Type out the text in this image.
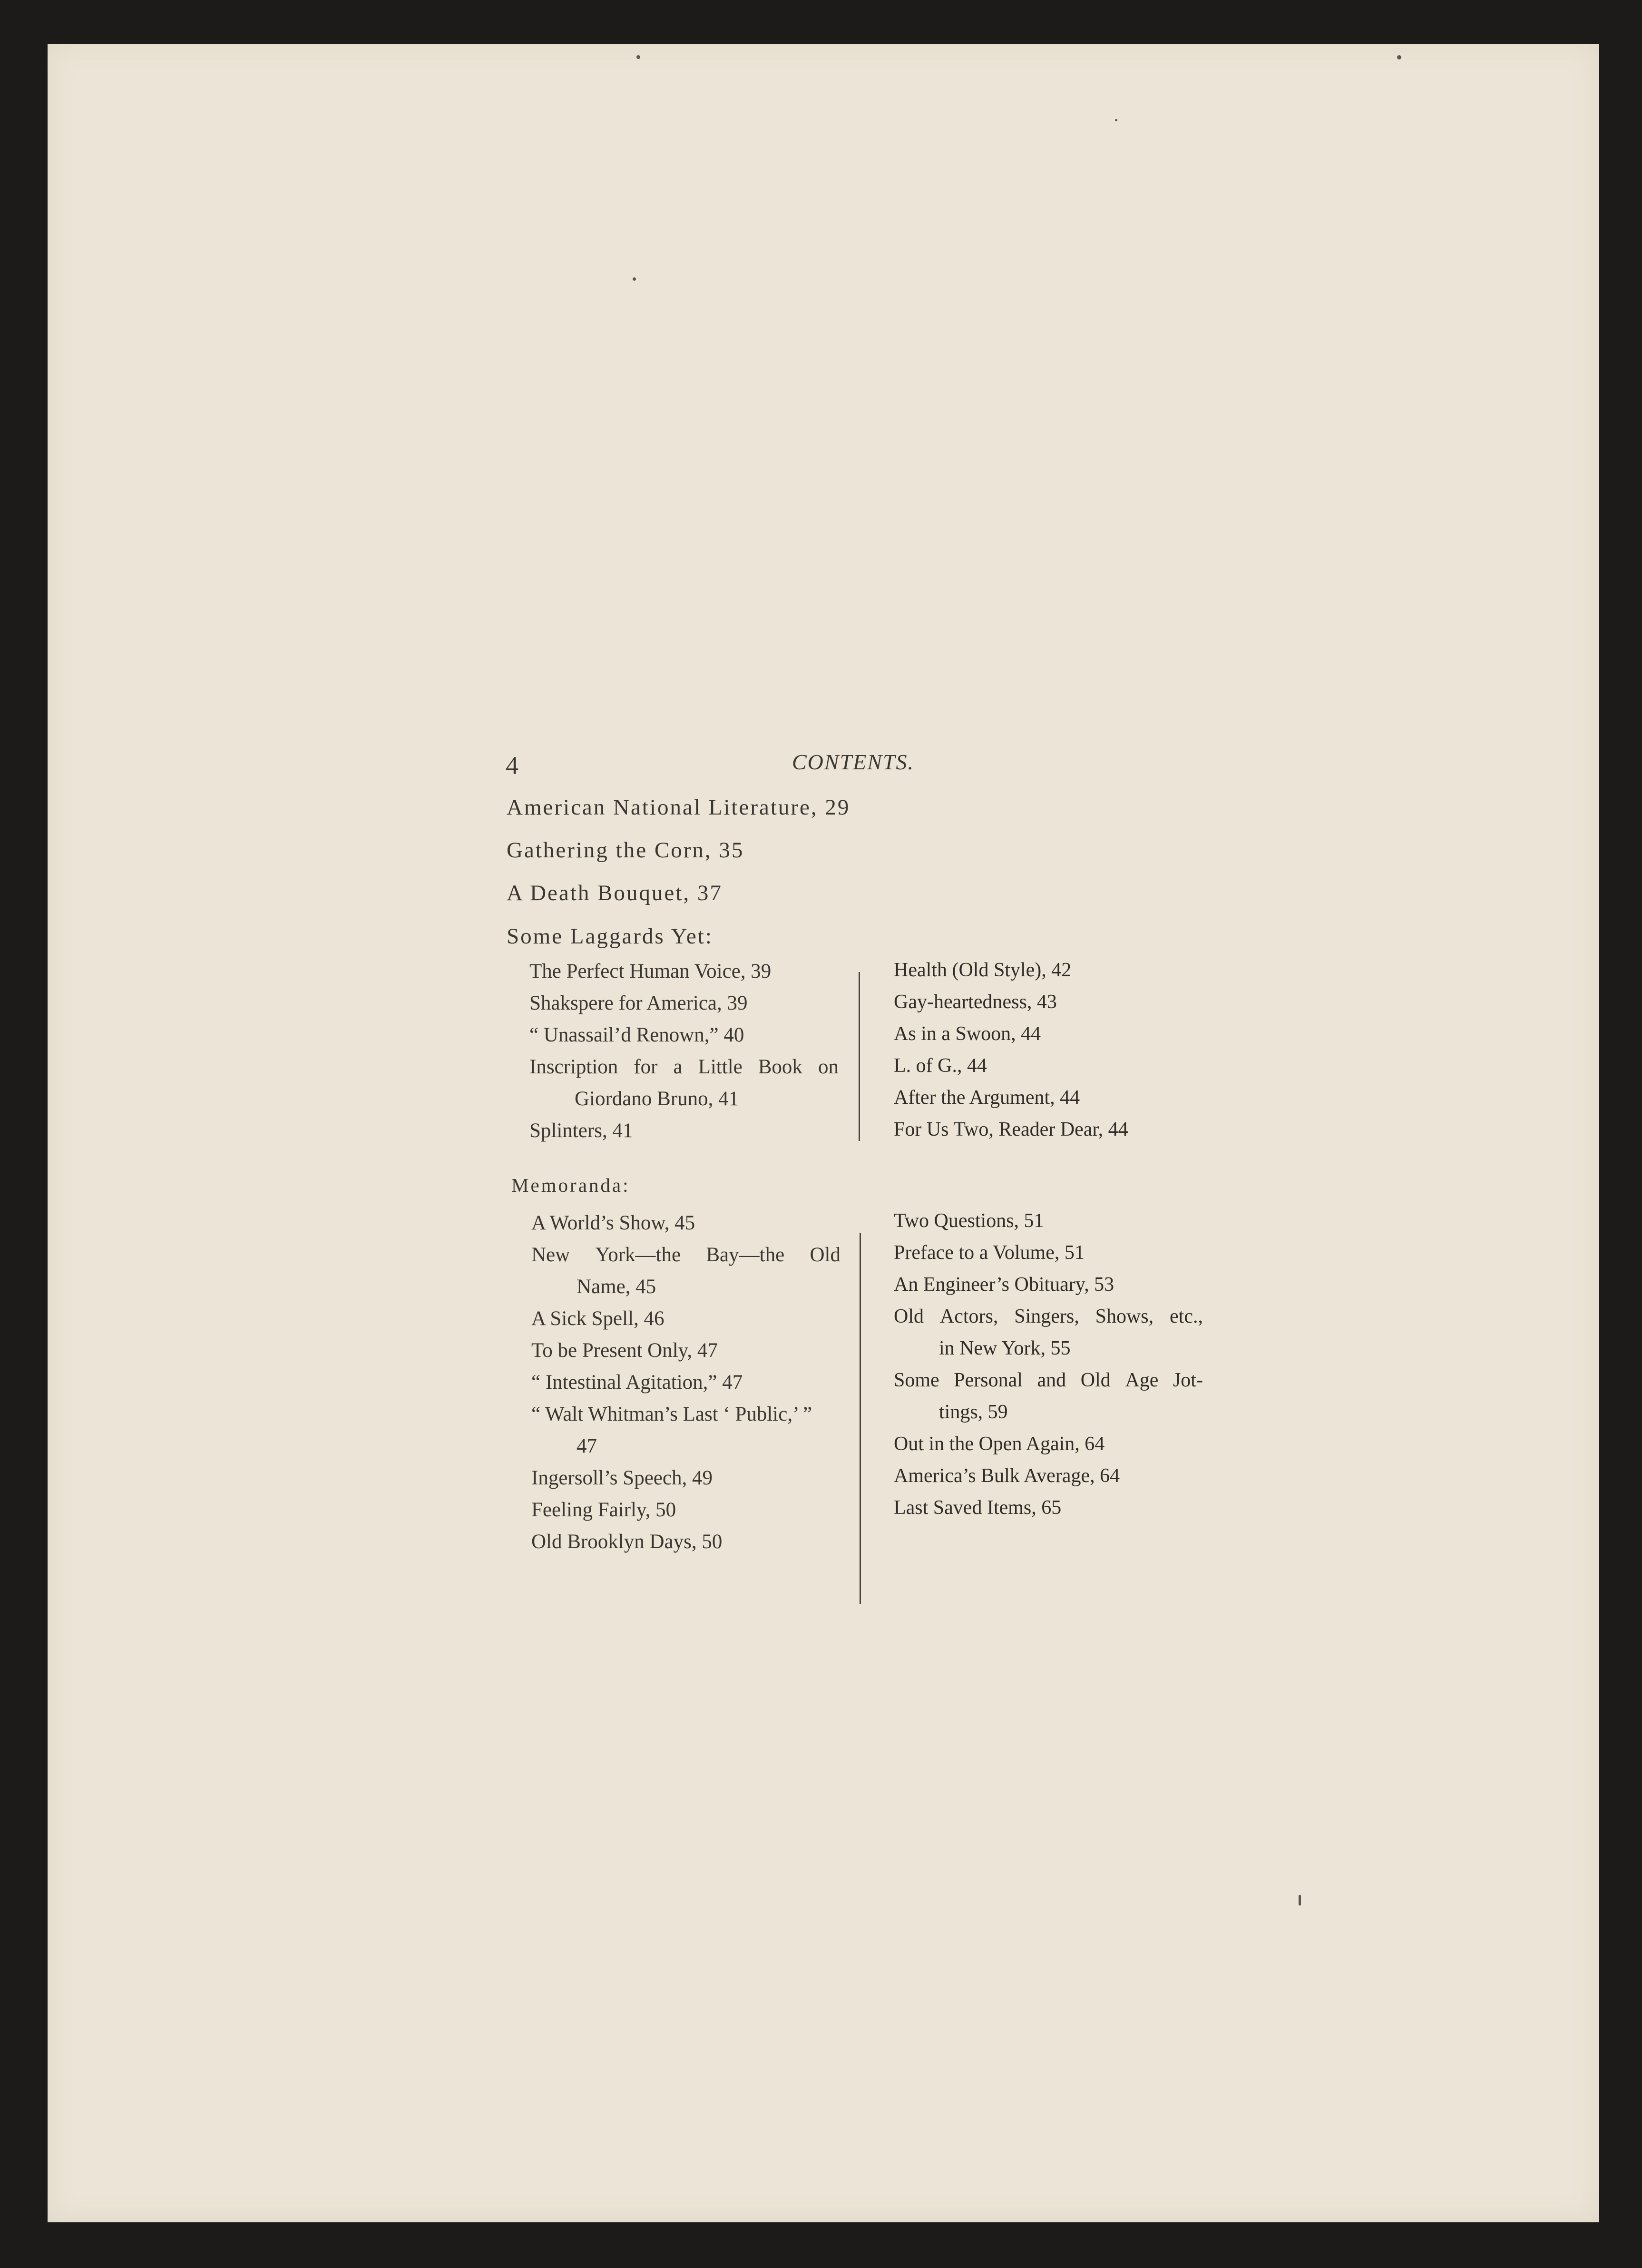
4	CONTENTS.
American National Literature, 29
Gathering the Corn, 35
A Death Bouquet, 37
Some Laggards Yet:
The Perfect Human Voice, 39
Shakspere for America, 39
“ Unassail’d Renown,” 40
Inscription for a Little Book on
Giordano Bruno, 41
Splinters, 41
Health (Old Style), 42
Gay-heartedness, 43
As in a Swoon, 44
L. of G., 44
After the Argument, 44
For Us Two, Reader Dear, 44
Memoranda:
A World’s Show, 45
New York—the Bay—the Old
Name, 45
A Sick Spell, 46
To be Present Only, 47
“ Intestinal Agitation,” 47
“ Walt Whitman’s Last ‘ Public,’ ”
47
Ingersoll’s Speech, 49
Feeling Fairly, 50
Old Brooklyn Days, 50
Two Questions, 51
Preface to a Volume, 51
An Engineer’s Obituary, 53
Old Actors, Singers, Shows, etc.,
in New York, 55
Some Personal and Old Age Jot-
tings, 59
Out in the Open Again, 64
America’s Bulk Average, 64
Last Saved Items, 65
